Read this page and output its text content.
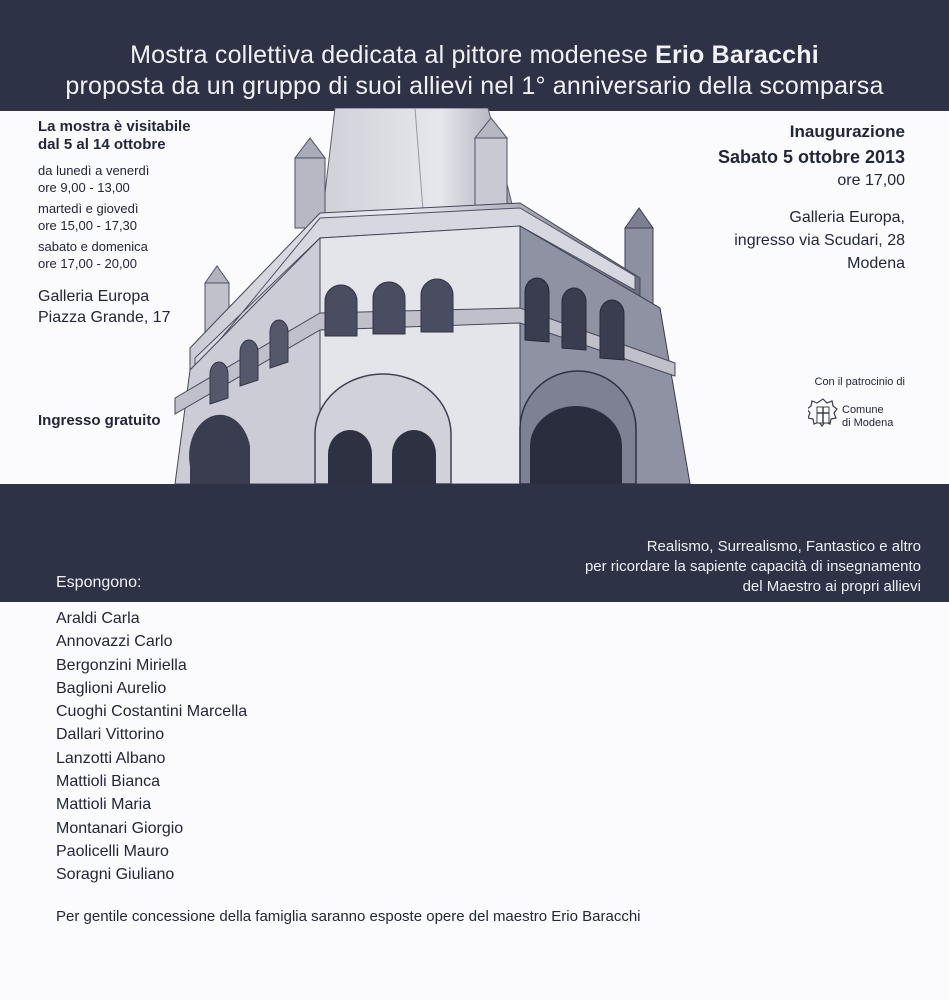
Mostra collettiva dedicata al pittore modenese Erio Baracchi
proposta da un gruppo di suoi allievi nel 1° anniversario della scomparsa
La mostra è visitabile
dal 5 al 14 ottobre
da lunedì a venerdì
ore 9,00 - 13,00
martedì e giovedì
ore 15,00 - 17,30
sabato e domenica
ore 17,00 - 20,00
Galleria Europa
Piazza Grande, 17
Ingresso gratuito
Inaugurazione
Sabato 5 ottobre 2013
ore 17,00
Galleria Europa,
ingresso via Scudari, 28
Modena
Con il patrocinio di
Comune
di Modena
Realismo, Surrealismo, Fantastico e altro
per ricordare la sapiente capacità di insegnamento
del Maestro ai propri allievi
Espongono:
Araldi Carla
Annovazzi Carlo
Bergonzini Miriella
Baglioni Aurelio
Cuoghi Costantini Marcella
Dallari Vittorino
Lanzotti Albano
Mattioli Bianca
Mattioli Maria
Montanari Giorgio
Paolicelli Mauro
Soragni Giuliano
Per gentile concessione della famiglia saranno esposte opere del maestro Erio Baracchi
